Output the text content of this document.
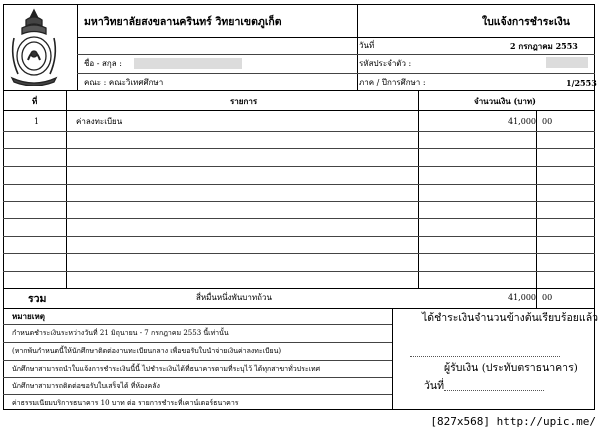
มหาวิทยาลัยสงขลานครินทร์ วิทยาเขตภูเก็ต	ใบแจ้งการชำระเงิน
ชื่อ - สกุล :
คณะ : คณะวิเทศศึกษา
วันที่	2 กรกฎาคม 2553
รหัสประจำตัว :
ภาค / ปีการศึกษา :	1/2553
ที่	รายการ	จำนวนเงิน (บาท)
1	ค่าลงทะเบียน	41,000 00
รวม	สี่หมื่นหนึ่งพันบาทถ้วน	41,000 00
หมายเหตุ
กำหนดชำระเงินระหว่างวันที่ 21 มิถุนายน - 7 กรกฎาคม 2553 นี้เท่านั้น
(หากพ้นกำหนดนี้ให้นักศึกษาติดต่องานทะเบียนกลาง เพื่อขอรับใบนำจ่ายเงินค่าลงทะเบียน)
นักศึกษาสามารถนำใบแจ้งการชำระเงินนี้นี้ ไปชำระเงินได้ที่ธนาคารตามที่ระบุไว้ ได้ทุกสาขาทั่วประเทศ
นักศึกษาสามารถติดต่อขอรับใบเสร็จได้ ที่ห้องคลัง
ค่าธรรมเนียมบริการธนาคาร 10 บาท ต่อ รายการชำระที่เคาน์เตอร์ธนาคาร
ได้ชำระเงินจำนวนข้างต้นเรียบร้อยแล้ว
ผู้รับเงิน (ประทับตราธนาคาร)
วันที่
[827x568] http://upic.me/
